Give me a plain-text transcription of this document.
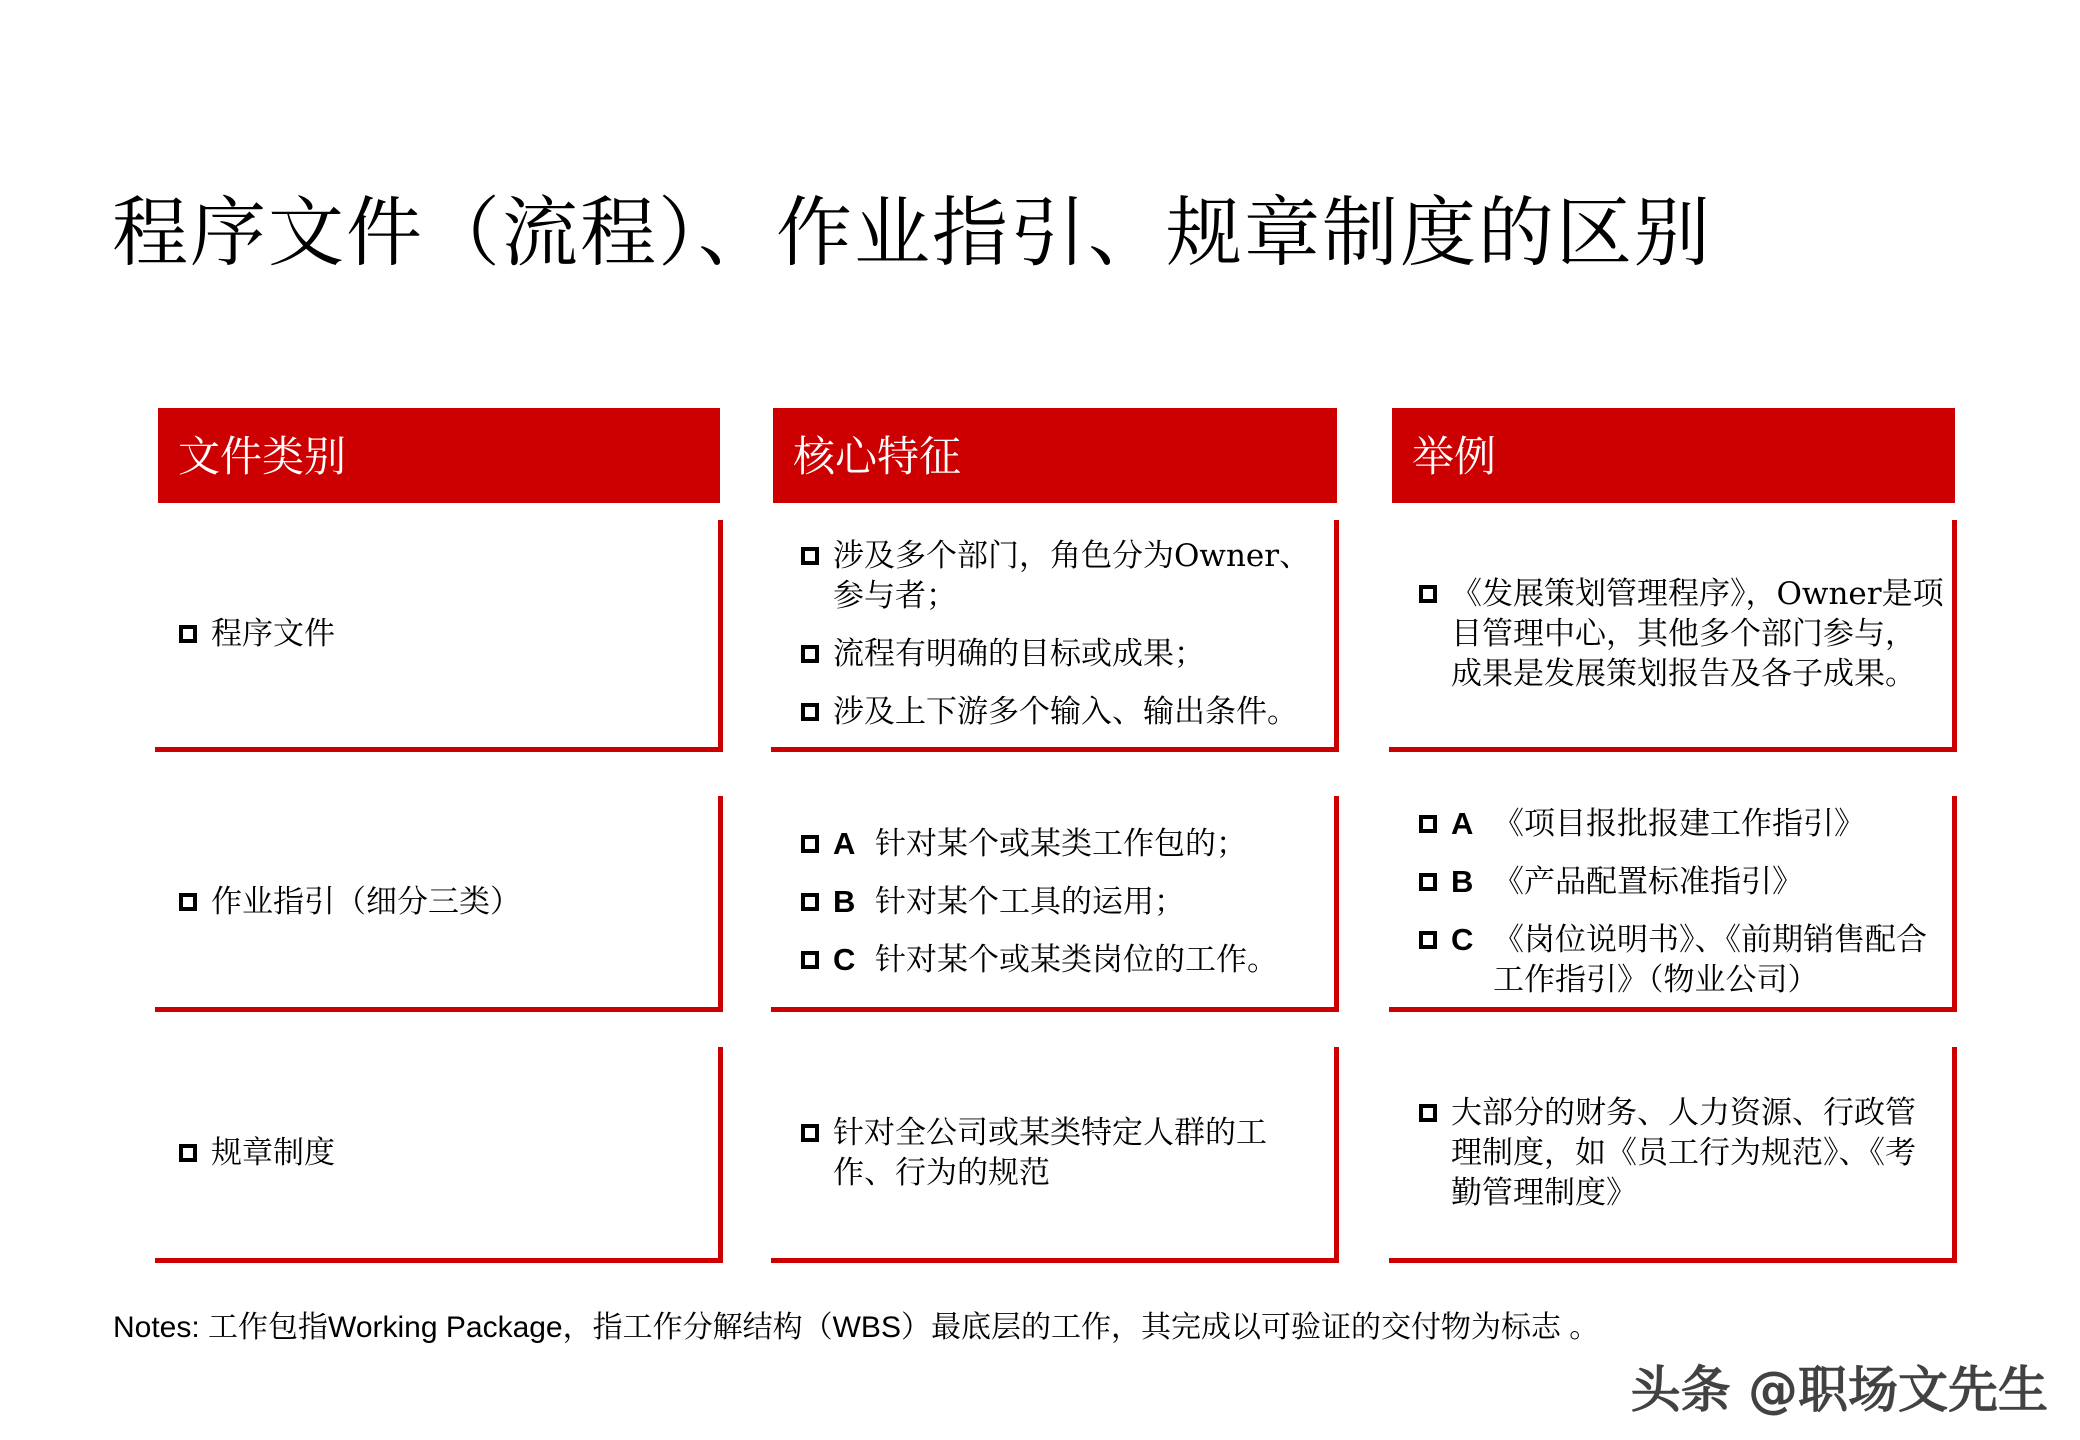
程序文件（流程）、作业指引、规章制度的区别
文件类别	核心特征	举例
程序文件
涉及多个部门，角色分为Owner、参与者；
流程有明确的目标或成果；
涉及上下游多个输入、输出条件。
《发展策划管理程序》，Owner是项目管理中心，其他多个部门参与，成果是发展策划报告及各子成果。
作业指引（细分三类）
A 针对某个或某类工作包的；
B 针对某个工具的运用；
C 针对某个或某类岗位的工作。
A 《项目报批报建工作指引》
B 《产品配置标准指引》
C 《岗位说明书》、《前期销售配合工作指引》（物业公司）
规章制度
针对全公司或某类特定人群的工作、行为的规范
大部分的财务、人力资源、行政管理制度，如《员工行为规范》、《考勤管理制度》
Notes: 工作包指Working Package，指工作分解结构（WBS）最底层的工作，其完成以可验证的交付物为标志 。
头条 @职场文先生
